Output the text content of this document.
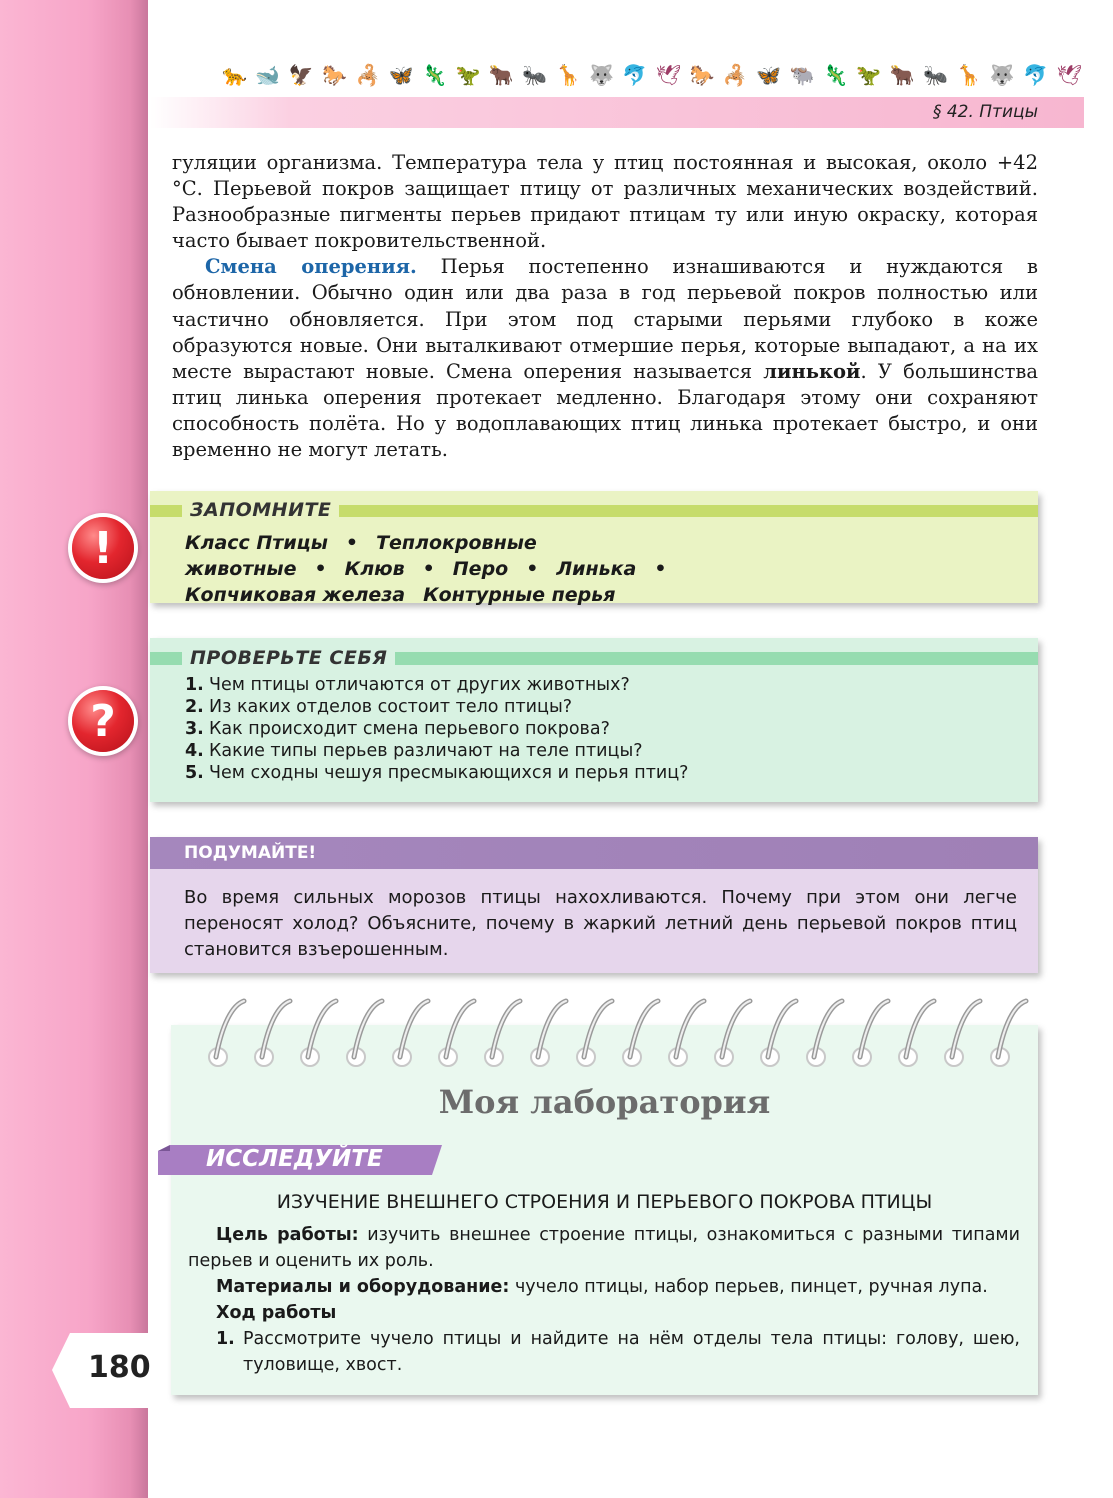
🐆 🐋 🦅 🐎 🦂 🦋 🦎 🦖 🐂 🐜 🦒 🐺 🐬 🕊 🐎 🦂 🦋 🐃 🦎 🦖 🐂 🐜 🦒 🐺 🐬 🕊
§ 42. Птицы

гуляции организма. Температура тела у птиц постоянная и высокая, около +42 °С. Перьевой покров защищает птицу от различных механических воздействий. Разнообразные пигменты перьев придают птицам ту или иную окраску, которая часто бывает покровительственной.

Смена оперения. Перья постепенно изнашиваются и нуждаются в обновлении. Обычно один или два раза в год перьевой покров полностью или частично обновляется. При этом под старыми перьями глубоко в коже образуются новые. Они выталкивают отмершие перья, которые выпадают, а на их месте вырастают новые. Смена оперения называется линькой. У большинства птиц линька оперения протекает медленно. Благодаря этому они сохраняют способность полёта. Но у водоплавающих птиц линька протекает быстро, и они временно не могут летать.

!
ЗАПОМНИТЕ
Класс Птицы • Теплокровные животные • Клюв • Перо • Линька •
Копчиковая железа Контурные перья
?
ПРОВЕРЬТЕ СЕБЯ
1. Чем птицы отличаются от других животных?
2. Из каких отделов состоит тело птицы?
3. Как происходит смена перьевого покрова?
4. Какие типы перьев различают на теле птицы?
5. Чем сходны чешуя пресмыкающихся и перья птиц?
ПОДУМАЙТЕ!
Во время сильных морозов птицы нахохливаются. Почему при этом они легче переносят холод? Объясните, почему в жаркий летний день перьевой покров птиц становится взъерошенным.
Моя лаборатория
ИССЛЕДУЙТЕ
ИЗУЧЕНИЕ ВНЕШНЕГО СТРОЕНИЯ И ПЕРЬЕВОГО ПОКРОВА ПТИЦЫ

Цель работы: изучить внешнее строение птицы, ознакомиться с разными типами перьев и оценить их роль.

Материалы и оборудование: чучело птицы, набор перьев, пинцет, ручная лупа.

Ход работы

1. Рассмотрите чучело птицы и найдите на нём отделы тела птицы: голову, шею, туловище, хвост.
180
